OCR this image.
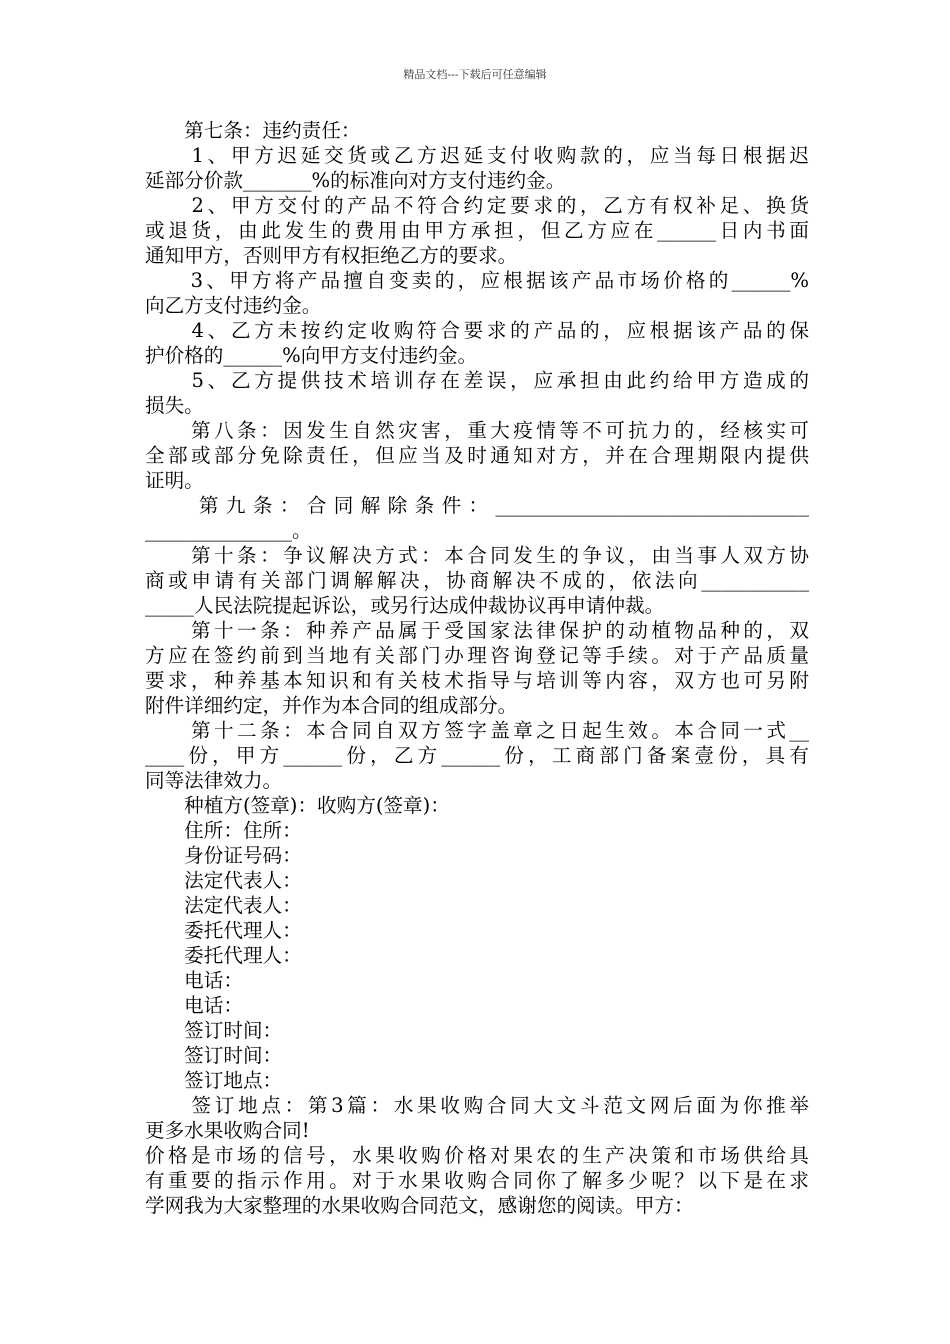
精品文档---下载后可任意编辑
　　第七条：违约责任：
　　1、甲方迟延交货或乙方迟延支付收购款的，应当每日根据迟
延部分价款_______%的标准向对方支付违约金。
　　2、甲方交付的产品不符合约定要求的，乙方有权补足、换货
或退货，由此发生的费用由甲方承担，但乙方应在______日内书面
通知甲方，否则甲方有权拒绝乙方的要求。
　　3、甲方将产品擅自变卖的，应根据该产品市场价格的______%
向乙方支付违约金。
　　4、乙方未按约定收购符合要求的产品的，应根据该产品的保
护价格的______%向甲方支付违约金。
　　5、乙方提供技术培训存在差误，应承担由此约给甲方造成的
损失。
　　第八条：因发生自然灾害，重大疫情等不可抗力的，经核实可
全部或部分免除责任，但应当及时通知对方，并在合理期限内提供
证明。
　　第九条：合同解除条件：________________________________
_______________。
　　第十条：争议解决方式：本合同发生的争议，由当事人双方协
商或申请有关部门调解解决，协商解决不成的，依法向___________
_____人民法院提起诉讼，或另行达成仲裁协议再申请仲裁。
　　第十一条：种养产品属于受国家法律保护的动植物品种的，双
方应在签约前到当地有关部门办理咨询登记等手续。对于产品质量
要求，种养基本知识和有关枝术指导与培训等内容，双方也可另附
附件详细约定，并作为本合同的组成部分。
　　第十二条：本合同自双方签字盖章之日起生效。本合同一式__
____份，甲方______份，乙方______份，工商部门备案壹份，具有
同等法律效力。
　　种植方(签章)：收购方(签章)：
　　住所：住所：
　　身份证号码：
　　法定代表人：
　　法定代表人：
　　委托代理人：
　　委托代理人：
　　电话：
　　电话：
　　签订时间：
　　签订时间：
　　签订地点：
　　签订地点：第3篇：水果收购合同大文斗范文网后面为你推举
更多水果收购合同!
价格是市场的信号，水果收购价格对果农的生产决策和市场供给具
有重要的指示作用。对于水果收购合同你了解多少呢？以下是在求
学网我为大家整理的水果收购合同范文，感谢您的阅读。甲方：
